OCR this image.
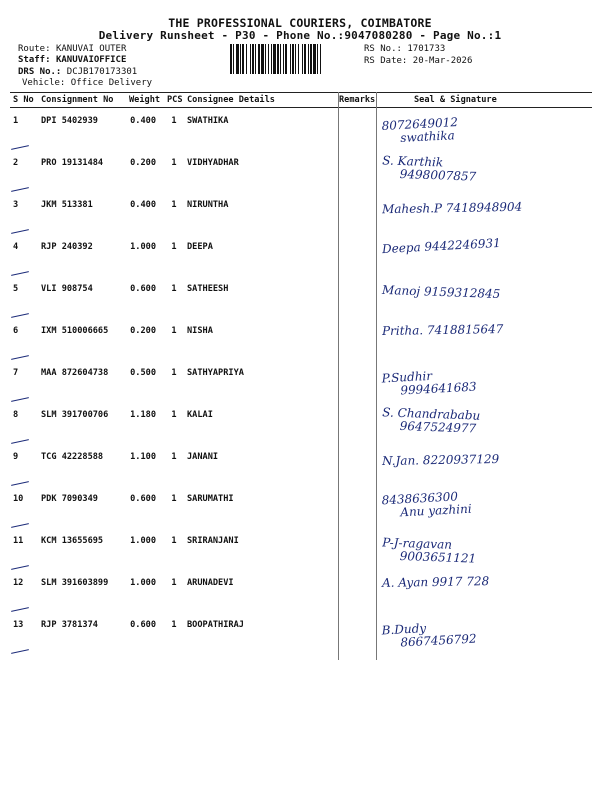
THE PROFESSIONAL COURIERS, COIMBATORE
Delivery Runsheet - P30 - Phone No.:9047080280 - Page No.:1
Route: KANUVAI OUTER
Staff: KANUVAIOFFICE
DRS No.: DCJB170173301
Vehicle: Office Delivery
RS No.: 1701733
RS Date: 20-Mar-2026
S No	Consignment No	Weight	PCS	Consignee Details	Remarks	Seal & Signature
1	DPI 5402939	0.400	1	SWATHIKA		8072649012
swathika

2	PRO 19131484	0.200	1	VIDHYADHAR		S. Karthik
9498007857

3	JKM 513381	0.400	1	NIRUNTHA		Mahesh.P 7418948904

4	RJP 240392	1.000	1	DEEPA		Deepa 9442246931

5	VLI 908754	0.600	1	SATHEESH		Manoj 9159312845

6	IXM 510006665	0.200	1	NISHA		Pritha. 7418815647

7	MAA 872604738	0.500	1	SATHYAPRIYA		P.Sudhir
9994641683

8	SLM 391700706	1.180	1	KALAI		S. Chandrababu
9647524977

9	TCG 42228588	1.100	1	JANANI		N.Jan. 8220937129

10	PDK 7090349	0.600	1	SARUMATHI		8438636300
Anu yazhini

11	KCM 13655695	1.000	1	SRIRANJANI		P-J-ragavan
9003651121

12	SLM 391603899	1.000	1	ARUNADEVI		A. Ayan 9917 728

13	RJP 3781374	0.600	1	BOOPATHIRAJ		B.Dudy
8667456792
